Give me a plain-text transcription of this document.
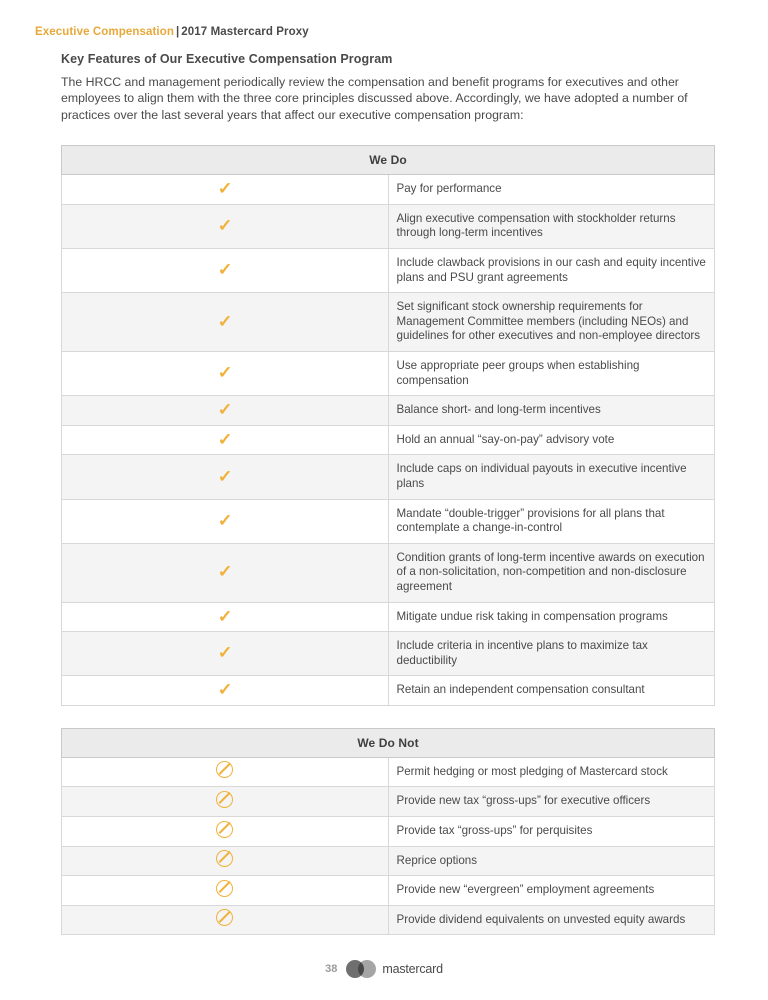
Executive Compensation | 2017 Mastercard Proxy
Key Features of Our Executive Compensation Program

The HRCC and management periodically review the compensation and benefit programs for executives and other employees to align them with the three core principles discussed above. Accordingly, we have adopted a number of practices over the last several years that affect our executive compensation program:

We Do	
✓	Pay for performance
✓	Align executive compensation with stockholder returns through long-term incentives
✓	Include clawback provisions in our cash and equity incentive plans and PSU grant agreements
✓	Set significant stock ownership requirements for Management Committee members (including NEOs) and guidelines for other executives and non-employee directors
✓	Use appropriate peer groups when establishing compensation
✓	Balance short- and long-term incentives
✓	Hold an annual “say-on-pay” advisory vote
✓	Include caps on individual payouts in executive incentive plans
✓	Mandate “double-trigger” provisions for all plans that contemplate a change-in-control
✓	Condition grants of long-term incentive awards on execution of a non-solicitation, non-competition and non-disclosure agreement
✓	Mitigate undue risk taking in compensation programs
✓	Include criteria in incentive plans to maximize tax deductibility
✓	Retain an independent compensation consultant
We Do Not	
	Permit hedging or most pledging of Mastercard stock
	Provide new tax “gross-ups” for executive officers
	Provide tax “gross-ups” for perquisites
	Reprice options
	Provide new “evergreen” employment agreements
	Provide dividend equivalents on unvested equity awards
38	mastercard
